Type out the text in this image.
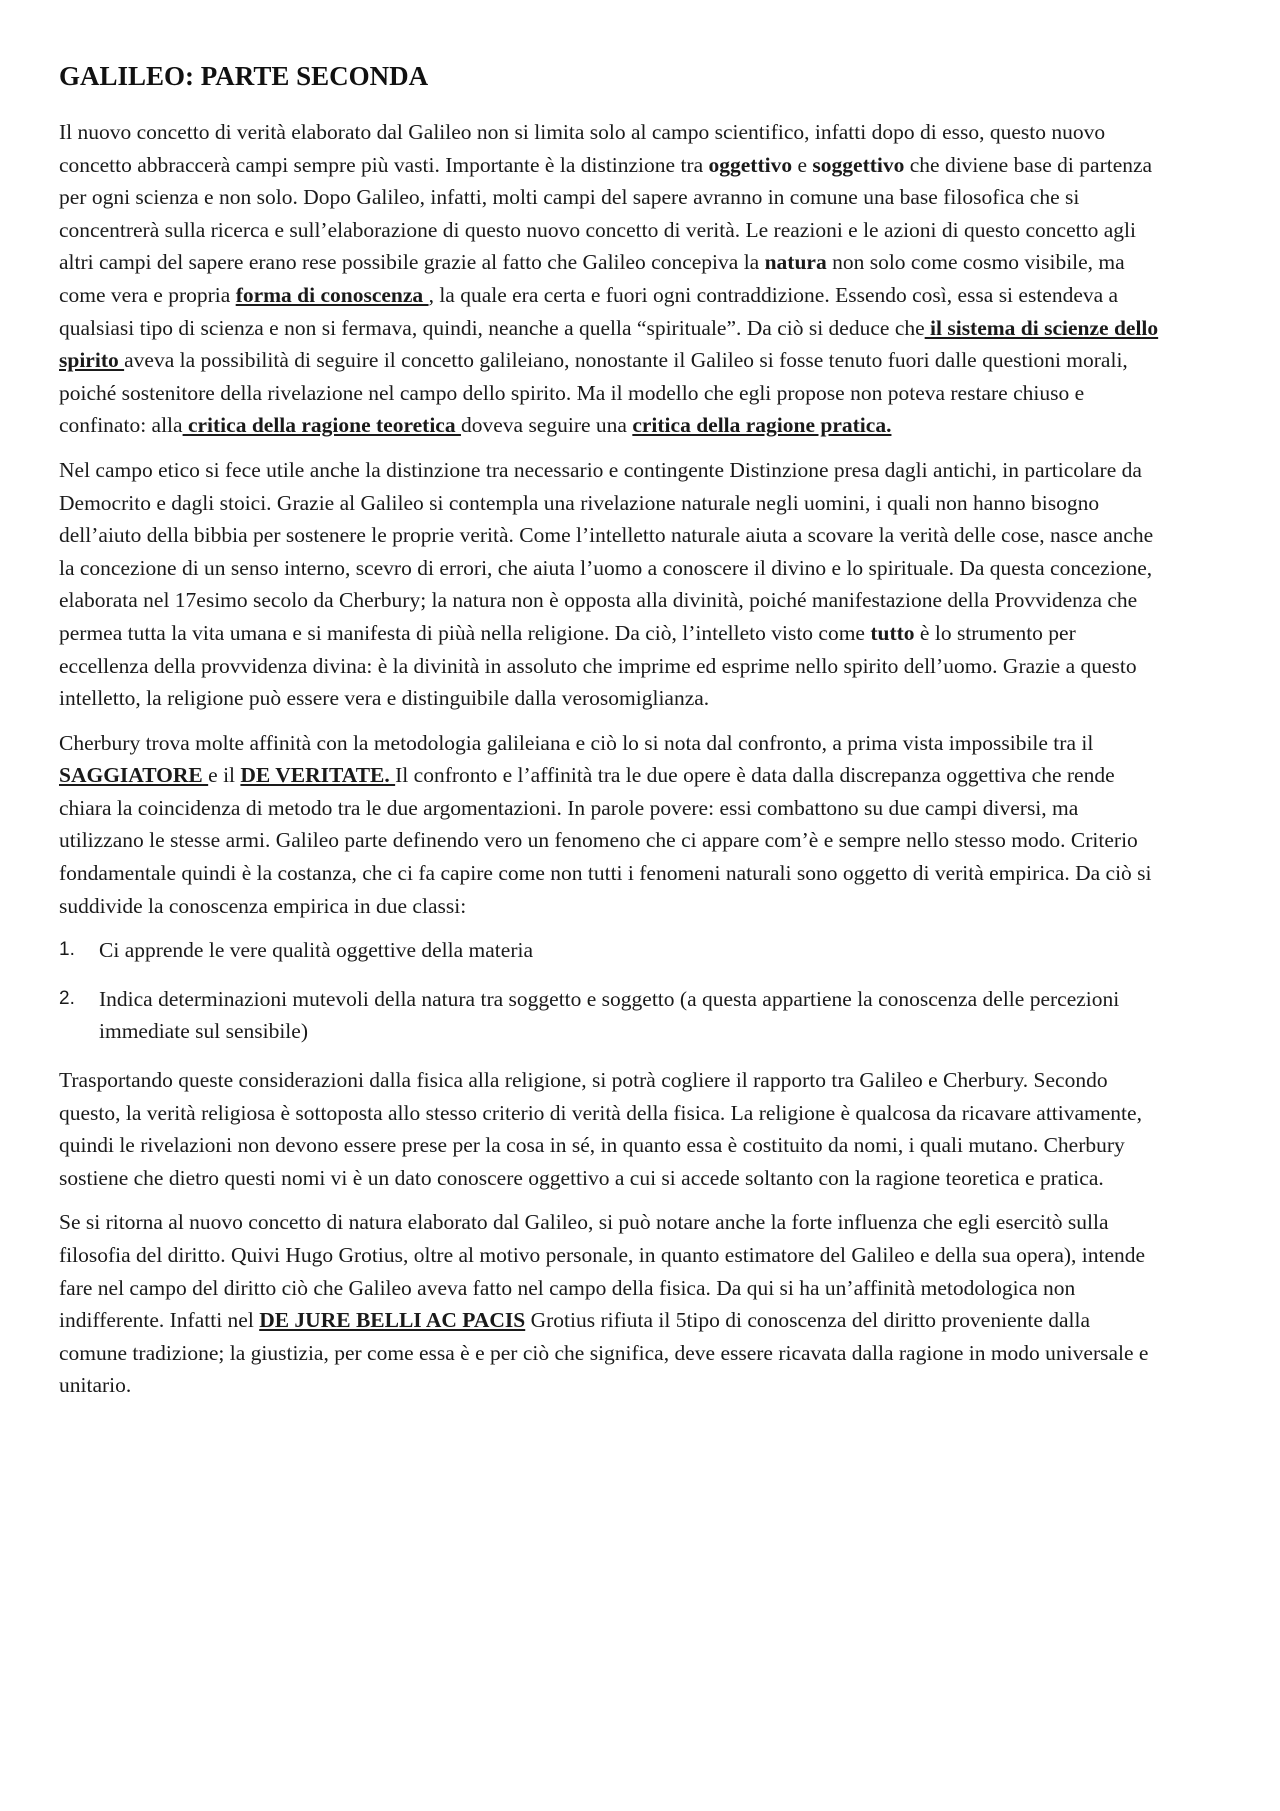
GALILEO: PARTE SECONDA

Il nuovo concetto di verità elaborato dal Galileo non si limita solo al campo scientifico, infatti dopo di esso, questo nuovo concetto abbraccerà campi sempre più vasti. Importante è la distinzione tra oggettivo e soggettivo che diviene base di partenza per ogni scienza e non solo. Dopo Galileo, infatti, molti campi del sapere avranno in comune una base filosofica che si concentrerà sulla ricerca e sull’elaborazione di questo nuovo concetto di verità. Le reazioni e le azioni di questo concetto agli altri campi del sapere erano rese possibile grazie al fatto che Galileo concepiva la natura non solo come cosmo visibile, ma come vera e propria forma di conoscenza , la quale era certa e fuori ogni contraddizione. Essendo così, essa si estendeva a qualsiasi tipo di scienza e non si fermava, quindi, neanche a quella “spirituale”. Da ciò si deduce che il sistema di scienze dello spirito aveva la possibilità di seguire il concetto galileiano, nonostante il Galileo si fosse tenuto fuori dalle questioni morali, poiché sostenitore della rivelazione nel campo dello spirito. Ma il modello che egli propose non poteva restare chiuso e confinato: alla critica della ragione teoretica doveva seguire una critica della ragione pratica.

Nel campo etico si fece utile anche la distinzione tra necessario e contingente Distinzione presa dagli antichi, in particolare da Democrito e dagli stoici. Grazie al Galileo si contempla una rivelazione naturale negli uomini, i quali non hanno bisogno dell’aiuto della bibbia per sostenere le proprie verità. Come l’intelletto naturale aiuta a scovare la verità delle cose, nasce anche la concezione di un senso interno, scevro di errori, che aiuta l’uomo a conoscere il divino e lo spirituale. Da questa concezione, elaborata nel 17esimo secolo da Cherbury; la natura non è opposta alla divinità, poiché manifestazione della Provvidenza che permea tutta la vita umana e si manifesta di piùà nella religione. Da ciò, l’intelleto visto come tutto è lo strumento per eccellenza della provvidenza divina: è la divinità in assoluto che imprime ed esprime nello spirito dell’uomo. Grazie a questo intelletto, la religione può essere vera e distinguibile dalla verosomiglianza.

Cherbury trova molte affinità con la metodologia galileiana e ciò lo si nota dal confronto, a prima vista impossibile tra il SAGGIATORE e il DE VERITATE. Il confronto e l’affinità tra le due opere è data dalla discrepanza oggettiva che rende chiara la coincidenza di metodo tra le due argomentazioni. In parole povere: essi combattono su due campi diversi, ma utilizzano le stesse armi. Galileo parte definendo vero un fenomeno che ci appare com’è e sempre nello stesso modo. Criterio fondamentale quindi è la costanza, che ci fa capire come non tutti i fenomeni naturali sono oggetto di verità empirica. Da ciò si suddivide la conoscenza empirica in due classi:

1. Ci apprende le vere qualità oggettive della materia
2. Indica determinazioni mutevoli della natura tra soggetto e soggetto (a questa appartiene la conoscenza delle percezioni immediate sul sensibile)

Trasportando queste considerazioni dalla fisica alla religione, si potrà cogliere il rapporto tra Galileo e Cherbury. Secondo questo, la verità religiosa è sottoposta allo stesso criterio di verità della fisica. La religione è qualcosa da ricavare attivamente, quindi le rivelazioni non devono essere prese per la cosa in sé, in quanto essa è costituito da nomi, i quali mutano. Cherbury sostiene che dietro questi nomi vi è un dato conoscere oggettivo a cui si accede soltanto con la ragione teoretica e pratica.

Se si ritorna al nuovo concetto di natura elaborato dal Galileo, si può notare anche la forte influenza che egli esercitò sulla filosofia del diritto. Quivi Hugo Grotius, oltre al motivo personale, in quanto estimatore del Galileo e della sua opera), intende fare nel campo del diritto ciò che Galileo aveva fatto nel campo della fisica. Da qui si ha un’affinità metodologica non indifferente. Infatti nel DE JURE BELLI AC PACIS Grotius rifiuta il 5tipo di conoscenza del diritto proveniente dalla comune tradizione; la giustizia, per come essa è e per ciò che significa, deve essere ricavata dalla ragione in modo universale e unitario.
